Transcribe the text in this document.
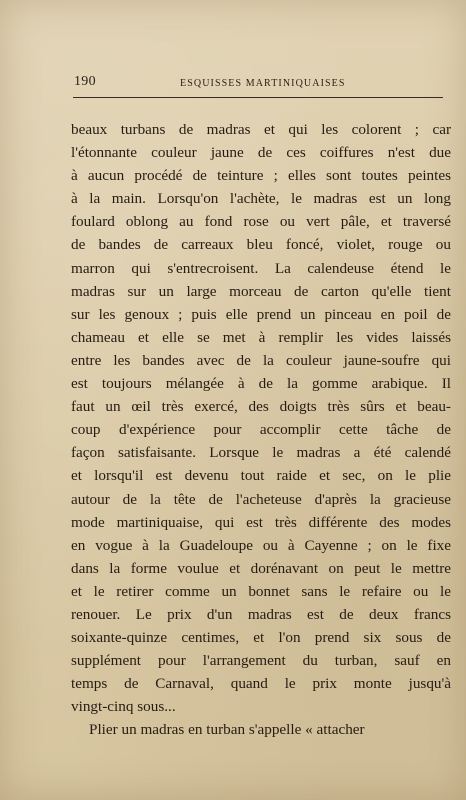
190	ESQUISSES MARTINIQUAISES
beaux turbans de madras et qui les colorent ; car
l'étonnante couleur jaune de ces coiffures n'est due
à aucun procédé de teinture ; elles sont toutes peintes
à la main. Lorsqu'on l'achète, le madras est un long
foulard oblong au fond rose ou vert pâle, et traversé
de bandes de carreaux bleu foncé, violet, rouge ou
marron qui s'entrecroisent. La calendeuse étend le
madras sur un large morceau de carton qu'elle tient
sur les genoux ; puis elle prend un pinceau en poil de
chameau et elle se met à remplir les vides laissés
entre les bandes avec de la couleur jaune-soufre qui
est toujours mélangée à de la gomme arabique. Il
faut un œil très exercé, des doigts très sûrs et beau-
coup d'expérience pour accomplir cette tâche de
façon satisfaisante. Lorsque le madras a été calendé
et lorsqu'il est devenu tout raide et sec, on le plie
autour de la tête de l'acheteuse d'après la gracieuse
mode martiniquaise, qui est très différente des modes
en vogue à la Guadeloupe ou à Cayenne ; on le fixe
dans la forme voulue et dorénavant on peut le mettre
et le retirer comme un bonnet sans le refaire ou le
renouer. Le prix d'un madras est de deux francs
soixante-quinze centimes, et l'on prend six sous de
supplément pour l'arrangement du turban, sauf en
temps de Carnaval, quand le prix monte jusqu'à
vingt-cinq sous...
Plier un madras en turban s'appelle « attacher
